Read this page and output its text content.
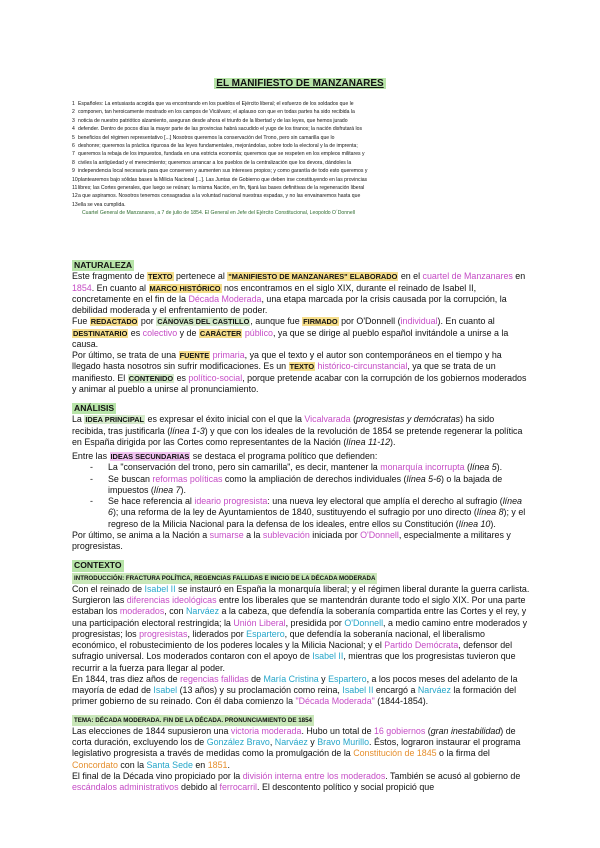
EL MANIFIESTO DE MANZANARES
1 Españoles: La entusiasta acogida que va encontrando en los pueblos el Ejército liberal; el esfuerzo de los soldados que le
2 componen, tan heroicamente mostrado en los campos de Vicálvaro; el aplauso con que en todas partes ha sido recibida la
3 noticia de nuestro patriótico alzamiento, aseguran desde ahora el triunfo de la libertad y de las leyes, que hemos jurado
4 defender. Dentro de pocos días la mayor parte de las provincias habrá sacudido el yugo de los tiranos; la nación disfrutará los
5 beneficios del régimen representativo [...] Nosotros queremos la conservación del Trono, pero sin camarilla que lo
6 deshonre; queremos la práctica rigurosa de las leyes fundamentales, mejorándolas, sobre todo la electoral y la de imprenta;
7 queremos la rebaja de los impuestos, fundada en una estricta economía; queremos que se respeten en los empleos militares y
8 civiles la antigüedad y el merecimiento; queremos arrancar a los pueblos de la centralización que los devora, dándoles la
9 independencia local necesaria para que conserven y aumenten sus intereses propios; y como garantía de todo esto queremos y
10plantearemos bajo sólidas bases la Milicia Nacional [...]. Las Juntas de Gobierno que deben irse constituyendo en las provincias
11libres; las Cortes generales, que luego se reúnan; la misma Nación, en fin, fijará las bases definitivas de la regeneración liberal
12a que aspiramos. Nosotros tenemos consagradas a la voluntad nacional nuestras espadas, y no las envainaremos hasta que
13ella se vea cumplida.
Cuartel General de Manzanares, a 7 de julio de 1854. El General en Jefe del Ejército Constitucional, Leopoldo O´Donnell
NATURALEZA

Este fragmento de TEXTO pertenece al "MANIFIESTO DE MANZANARES" ELABORADO en el cuartel de Manzanares en 1854. En cuanto al MARCO HISTÓRICO nos encontramos en el siglo XIX, durante el reinado de Isabel II, concretamente en el fin de la Década Moderada, una etapa marcada por la crisis causada por la corrupción, la debilidad moderada y el enfrentamiento de poder.

Fue REDACTADO por CÁNOVAS DEL CASTILLO, aunque fue FIRMADO por O'Donnell (individual). En cuanto al DESTINATARIO es colectivo y de CARÁCTER público, ya que se dirige al pueblo español invitándole a unirse a la causa.

Por último, se trata de una FUENTE primaria, ya que el texto y el autor son contemporáneos en el tiempo y ha llegado hasta nosotros sin sufrir modificaciones. Es un TEXTO histórico-circunstancial, ya que se trata de un manifiesto. El CONTENIDO es político-social, porque pretende acabar con la corrupción de los gobiernos moderados y animar al pueblo a unirse al pronunciamiento.

ANÁLISIS

La IDEA PRINCIPAL es expresar el éxito inicial con el que la Vicalvarada (progresistas y demócratas) ha sido recibida, tras justificarla (línea 1-3) y que con los ideales de la revolución de 1854 se pretende regenerar la política en España dirigida por las Cortes como representantes de la Nación (línea 11-12).

Entre las IDEAS SECUNDARIAS se destaca el programa político que defienden:

- La "conservación del trono, pero sin camarilla", es decir, mantener la monarquía incorrupta (línea 5).

- Se buscan reformas políticas como la ampliación de derechos individuales (línea 5-6) o la bajada de impuestos (línea 7).

- Se hace referencia al ideario progresista: una nueva ley electoral que amplía el derecho al sufragio (línea 6); una reforma de la ley de Ayuntamientos de 1840, sustituyendo el sufragio por uno directo (línea 8); y el regreso de la Milicia Nacional para la defensa de los ideales, entre ellos su Constitución (línea 10).

Por último, se anima a la Nación a sumarse a la sublevación iniciada por O'Donnell, especialmente a militares y progresistas.

CONTEXTO
INTRODUCCIÓN: FRACTURA POLÍTICA, REGENCIAS FALLIDAS E INICIO DE LA DÉCADA MODERADA

Con el reinado de Isabel II se instauró en España la monarquía liberal; y el régimen liberal durante la guerra carlista. Surgieron las diferencias ideológicas entre los liberales que se mantendrán durante todo el siglo XIX. Por una parte estaban los moderados, con Narváez a la cabeza, que defendía la soberanía compartida entre las Cortes y el rey, y una participación electoral restringida; la Unión Liberal, presidida por O'Donnell, a medio camino entre moderados y progresistas; los progresistas, liderados por Espartero, que defendía la soberanía nacional, el liberalismo económico, el robustecimiento de los poderes locales y la Milicia Nacional; y el Partido Demócrata, defensor del sufragio universal. Los moderados contaron con el apoyo de Isabel II, mientras que los progresistas tuvieron que recurrir a la fuerza para llegar al poder.

En 1844, tras diez años de regencias fallidas de María Cristina y Espartero, a los pocos meses del adelanto de la mayoría de edad de Isabel (13 años) y su proclamación como reina, Isabel II encargó a Narváez la formación del primer gobierno de su reinado. Con él daba comienzo la "Década Moderada" (1844-1854).

TEMA: DÉCADA MODERADA. FIN DE LA DÉCADA. PRONUNCIAMIENTO DE 1854

Las elecciones de 1844 supusieron una victoria moderada. Hubo un total de 16 gobiernos (gran inestabilidad) de corta duración, excluyendo los de González Bravo, Narváez y Bravo Murillo. Éstos, lograron instaurar el programa legislativo progresista a través de medidas como la promulgación de la Constitución de 1845 o la firma del Concordato con la Santa Sede en 1851.

El final de la Década vino propiciado por la división interna entre los moderados. También se acusó al gobierno de escándalos administrativos debido al ferrocarril. El descontento político y social propició que
